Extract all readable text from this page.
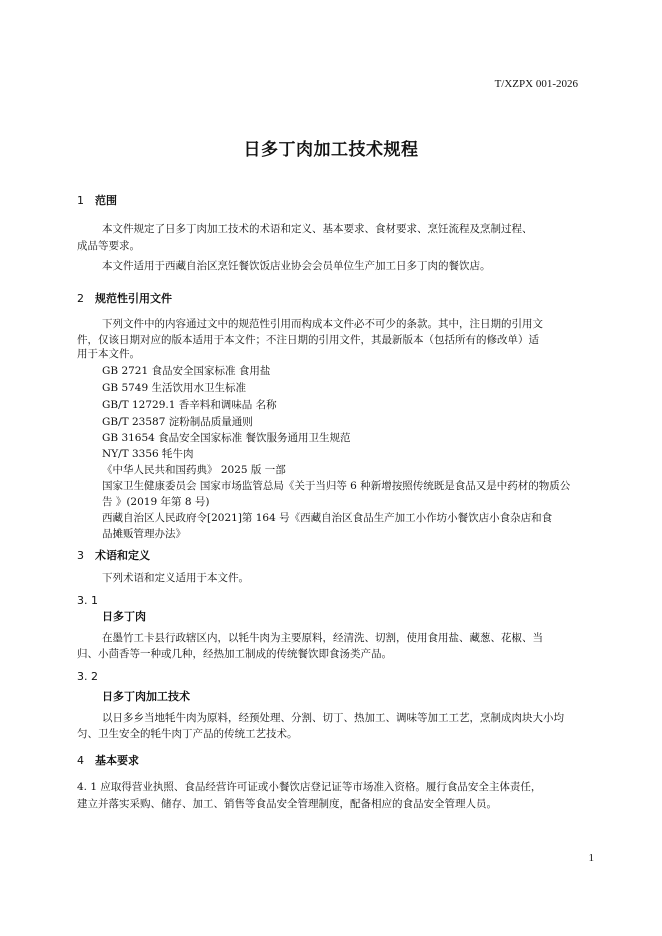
T/XZPX 001-2026
日多丁肉加工技术规程
1 范围
本文件规定了日多丁肉加工技术的术语和定义、基本要求、食材要求、烹饪流程及烹制过程、
成品等要求。
本文件适用于西藏自治区烹饪餐饮饭店业协会会员单位生产加工日多丁肉的餐饮店。
2 规范性引用文件
下列文件中的内容通过文中的规范性引用而构成本文件必不可少的条款。其中，注日期的引用文
件，仅该日期对应的版本适用于本文件；不注日期的引用文件，其最新版本（包括所有的修改单）适
用于本文件。
GB 2721 食品安全国家标准 食用盐
GB 5749 生活饮用水卫生标准
GB/T 12729.1 香辛料和调味品 名称
GB/T 23587 淀粉制品质量通则
GB 31654 食品安全国家标准 餐饮服务通用卫生规范
NY/T 3356 牦牛肉
《中华人民共和国药典》 2025 版 一部
国家卫生健康委员会 国家市场监管总局《关于当归等 6 种新增按照传统既是食品又是中药材的物质公
告 》(2019 年第 8 号)
西藏自治区人民政府令[2021]第 164 号《西藏自治区食品生产加工小作坊小餐饮店小食杂店和食
品摊贩管理办法》
3 术语和定义
下列术语和定义适用于本文件。
3. 1
日多丁肉
在墨竹工卡县行政辖区内，以牦牛肉为主要原料，经清洗、切割，使用食用盐、藏葱、花椒、当
归、小茴香等一种或几种，经热加工制成的传统餐饮即食汤类产品。
3. 2
日多丁肉加工技术
以日多乡当地牦牛肉为原料，经预处理、分割、切丁、热加工、调味等加工工艺，烹制成肉块大小均
匀、卫生安全的牦牛肉丁产品的传统工艺技术。
4 基本要求
4. 1 应取得营业执照、食品经营许可证或小餐饮店登记证等市场准入资格。履行食品安全主体责任，
建立并落实采购、储存、加工、销售等食品安全管理制度，配备相应的食品安全管理人员。
1
